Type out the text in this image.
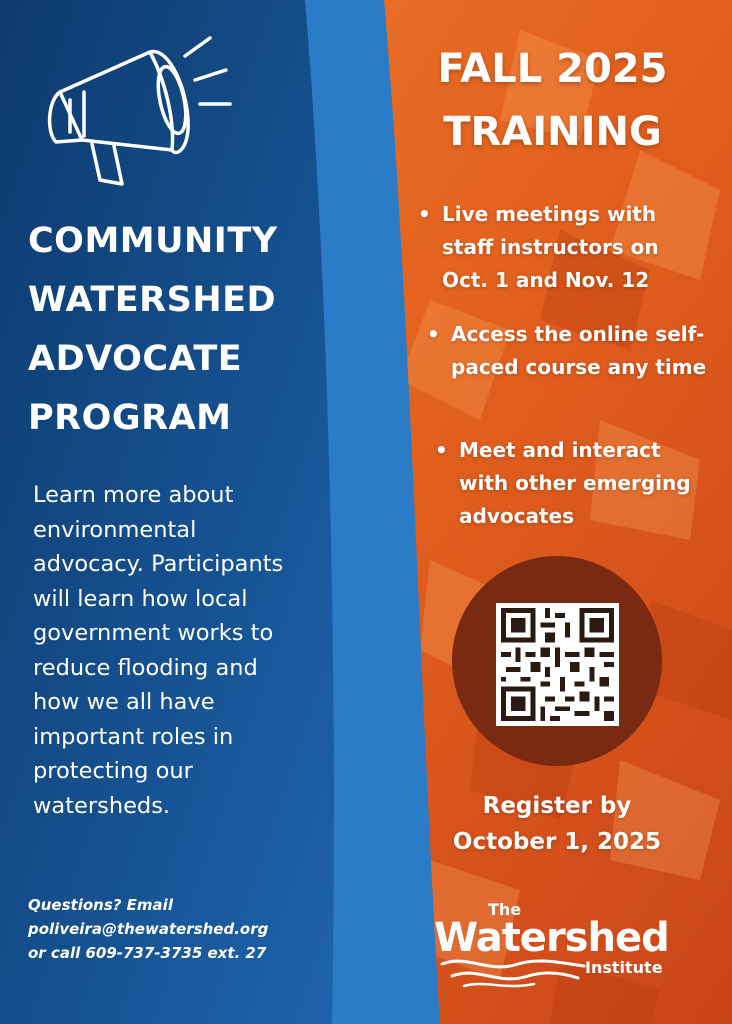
COMMUNITY
WATERSHED
ADVOCATE
PROGRAM
Learn more about environmental advocacy. Participants will learn how local government works to reduce flooding and how we all have important roles in protecting our watersheds.
Questions? Email
poliveira@thewatershed.org
or call 609-737-3735 ext. 27
FALL 2025
TRAINING
• Live meetings with staff instructors on Oct. 1 and Nov. 12
• Access the online self-paced course any time
• Meet and interact with other emerging advocates
Register by
October 1, 2025
The
Watershed
Institute
